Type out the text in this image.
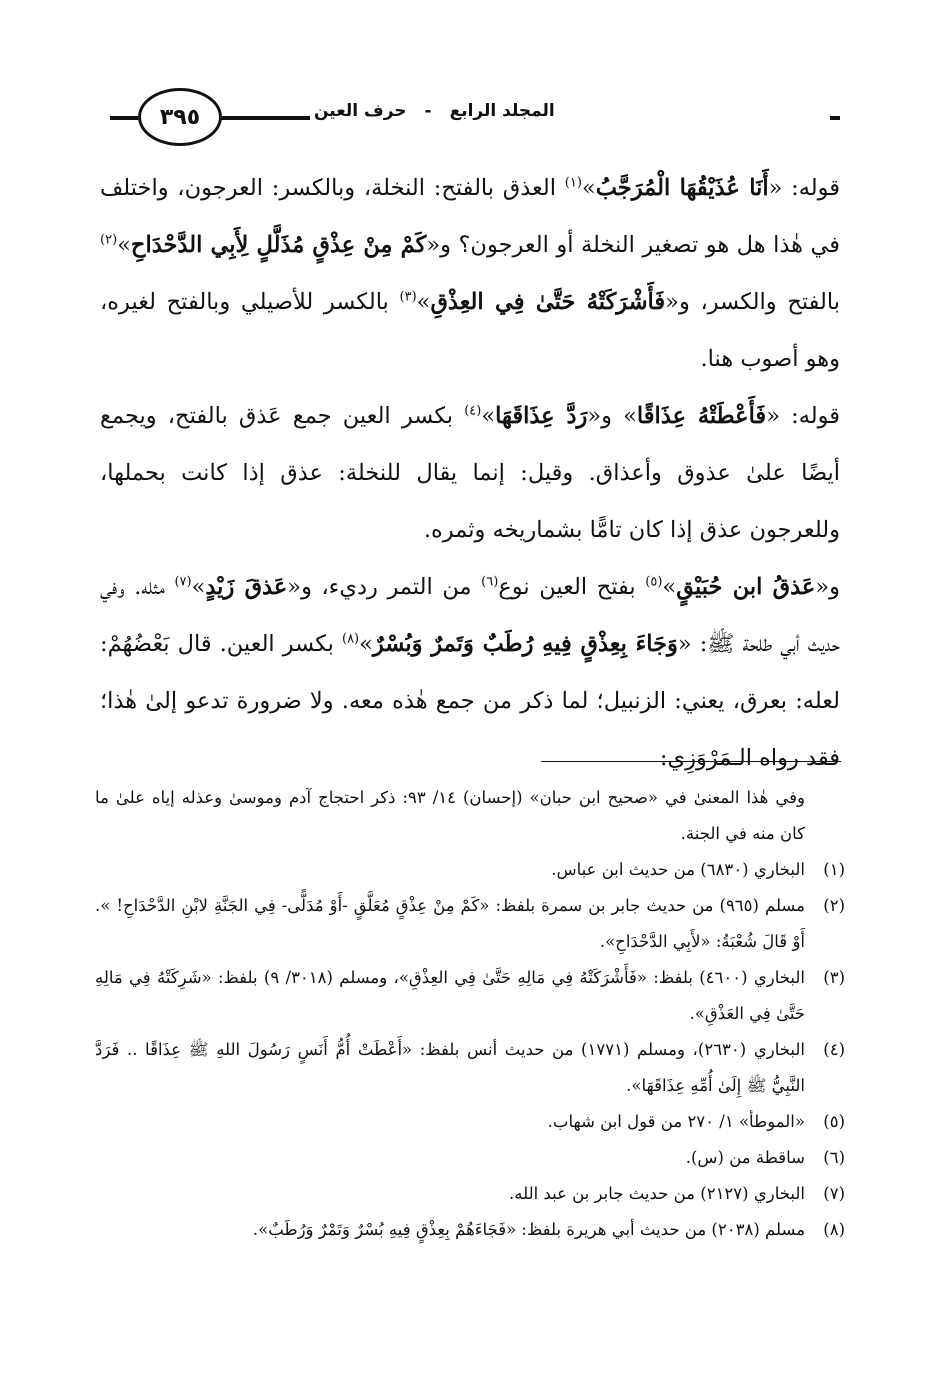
المجلد الرابع
-
حرف العين
٣٩٥

قوله: «أَنَا عُذَيْقُهَا الْمُرَجَّبُ»$^{(١)}$ العذق بالفتح: النخلة، وبالكسر: العرجون، واختلف في هٰذا هل هو تصغير النخلة أو العرجون؟ و«كَمْ مِنْ عِذْقٍ مُذَلَّلٍ لِأَبِي الدَّحْدَاحِ»$^{(٢)}$ بالفتح والكسر، و«فَأَشْرَكَتْهُ حَتَّىٰ فِي العِذْقِ»$^{(٣)}$ بالكسر للأصيلي وبالفتح لغيره، وهو أصوب هنا.

قوله: «فَأَعْطَتْهُ عِذَاقًا» و«رَدَّ عِذَاقَهَا»$^{(٤)}$ بكسر العين جمع عَذق بالفتح، ويجمع أيضًا علىٰ عذوق وأعذاق. وقيل: إنما يقال للنخلة: عذق إذا كانت بحملها، وللعرجون عذق إذا كان تامًّا بشماريخه وثمره.

و«عَذقُ ابن حُبَيْقٍ»$^{(٥)}$ بفتح العين نوع$^{(٦)}$ من التمر رديء، و«عَذقَ زَيْدٍ»$^{(٧)}$ مثله. وفي حديث أبي طلحة ﷺ: «وَجَاءَ بِعِذْقٍ فِيهِ رُطَبٌ وَتَمرٌ وَبُسْرٌ»$^{(٨)}$ بكسر العين. قال بَعْضُهُمْ: لعله: بعرق، يعني: الزنبيل؛ لما ذكر من جمع هٰذه معه. ولا ضرورة تدعو إلىٰ هٰذا؛ فقد رواه الـمَرْوَزِي:

وفي هٰذا المعنىٰ في «صحيح ابن حبان» (إحسان) ١٤/ ٩٣: ذكر احتجاج آدم وموسىٰ وعذله إياه علىٰ ما كان منه في الجنة.

(١)
البخاري (٦٨٣٠) من حديث ابن عباس.

(٢)
مسلم (٩٦٥) من حديث جابر بن سمرة بلفظ: «كَمْ مِنْ عِذْقٍ مُعَلَّقٍ -أَوْ مُدَلًّى- فِي الجَنَّةِ لابْنِ الدَّحْدَاحِ! ». أَوْ قَالَ شُعْبَةُ: «لأَبِي الدَّحْدَاحِ».

(٣)
البخاري (٤٦٠٠) بلفظ: «فَأَشْرَكَتْهُ فِي مَالِهِ حَتَّىٰ فِي العِذْقِ»، ومسلم (٣٠١٨/ ٩) بلفظ: «شَرِكَتْهُ فِي مَالِهِ حَتَّىٰ فِي العَذْقِ».

(٤)
البخاري (٢٦٣٠)، ومسلم (١٧٧١) من حديث أنس بلفظ: «أَعْطَتْ أُمُّ أَنَسٍ رَسُولَ اللهِ ﷺ عِذَاقًا .. فَرَدَّ النَّبِيُّ ﷺ إِلَىٰ أُمِّهِ عِذَاقَهَا».

(٥)
«الموطأ» ١/ ٢٧٠ من قول ابن شهاب.

(٦)
ساقطة من (س).

(٧)
البخاري (٢١٢٧) من حديث جابر بن عبد الله.

(٨)
مسلم (٢٠٣٨) من حديث أبي هريرة بلفظ: «فَجَاءَهُمْ بِعِذْقٍ فِيهِ بُسْرٌ وَتَمْرٌ وَرُطَبٌ».
